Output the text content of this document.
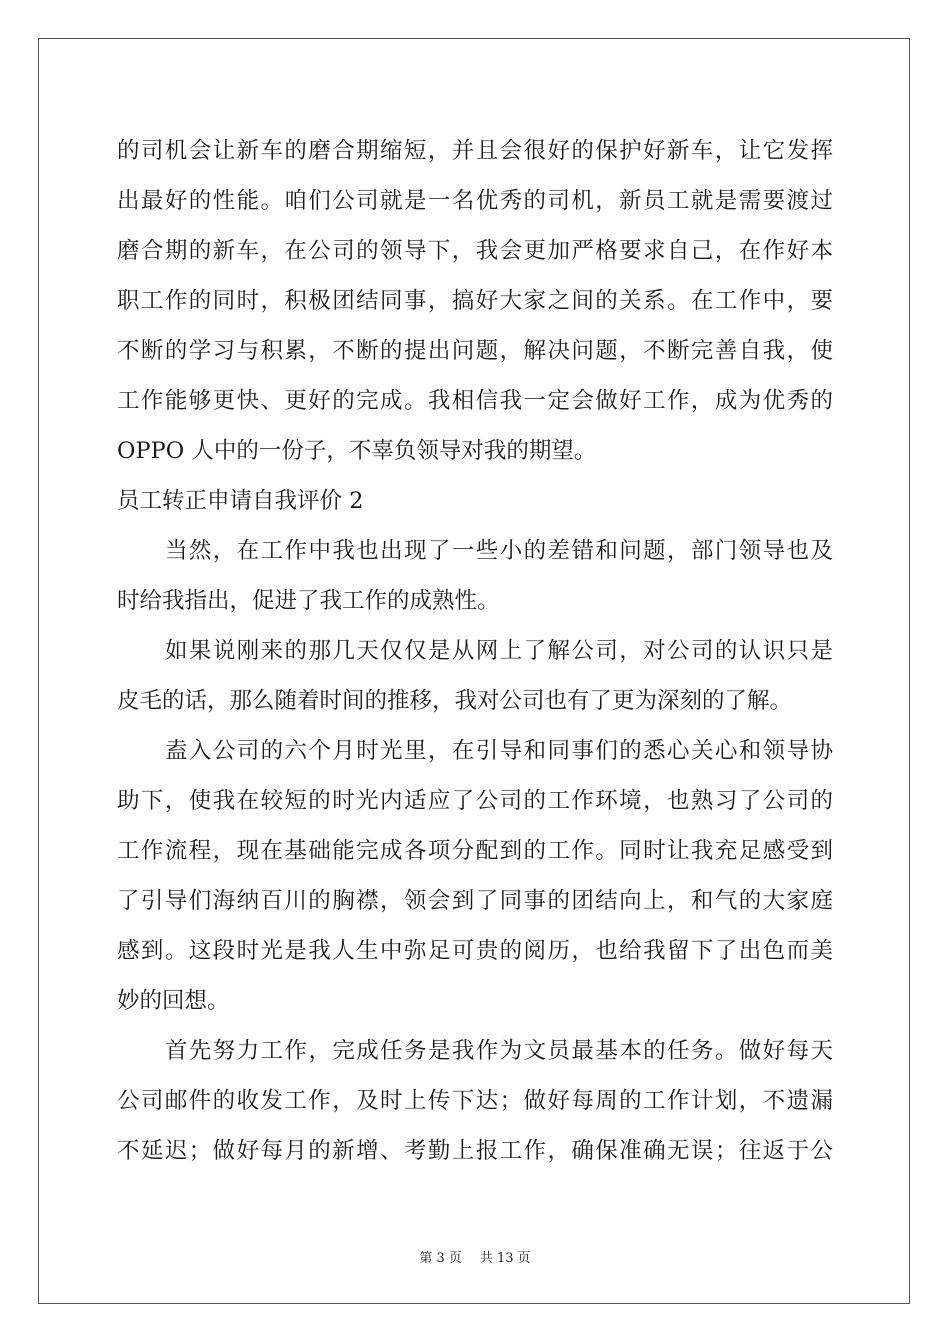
的司机会让新车的磨合期缩短，并且会很好的保护好新车，让它发挥
出最好的性能。咱们公司就是一名优秀的司机，新员工就是需要渡过
磨合期的新车，在公司的领导下，我会更加严格要求自己，在作好本
职工作的同时，积极团结同事，搞好大家之间的关系。在工作中，要
不断的学习与积累，不断的提出问题，解决问题，不断完善自我，使
工作能够更快、更好的完成。我相信我一定会做好工作，成为优秀的
OPPO 人中的一份子，不辜负领导对我的期望。
员工转正申请自我评价 2
当然，在工作中我也出现了一些小的差错和问题，部门领导也及
时给我指出，促进了我工作的成熟性。
如果说刚来的那几天仅仅是从网上了解公司，对公司的认识只是
皮毛的话，那么随着时间的推移，我对公司也有了更为深刻的了解。
盍入公司的六个月时光里，在引导和同事们的悉心关心和领导协
助下，使我在较短的时光内适应了公司的工作环境，也熟习了公司的
工作流程，现在基础能完成各项分配到的工作。同时让我充足感受到
了引导们海纳百川的胸襟，领会到了同事的团结向上，和气的大家庭
感到。这段时光是我人生中弥足可贵的阅历，也给我留下了出色而美
妙的回想。
首先努力工作，完成任务是我作为文员最基本的任务。做好每天
公司邮件的收发工作，及时上传下达；做好每周的工作计划，不遗漏
不延迟；做好每月的新增、考勤上报工作，确保准确无误；往返于公
第 3 页 共 13 页
